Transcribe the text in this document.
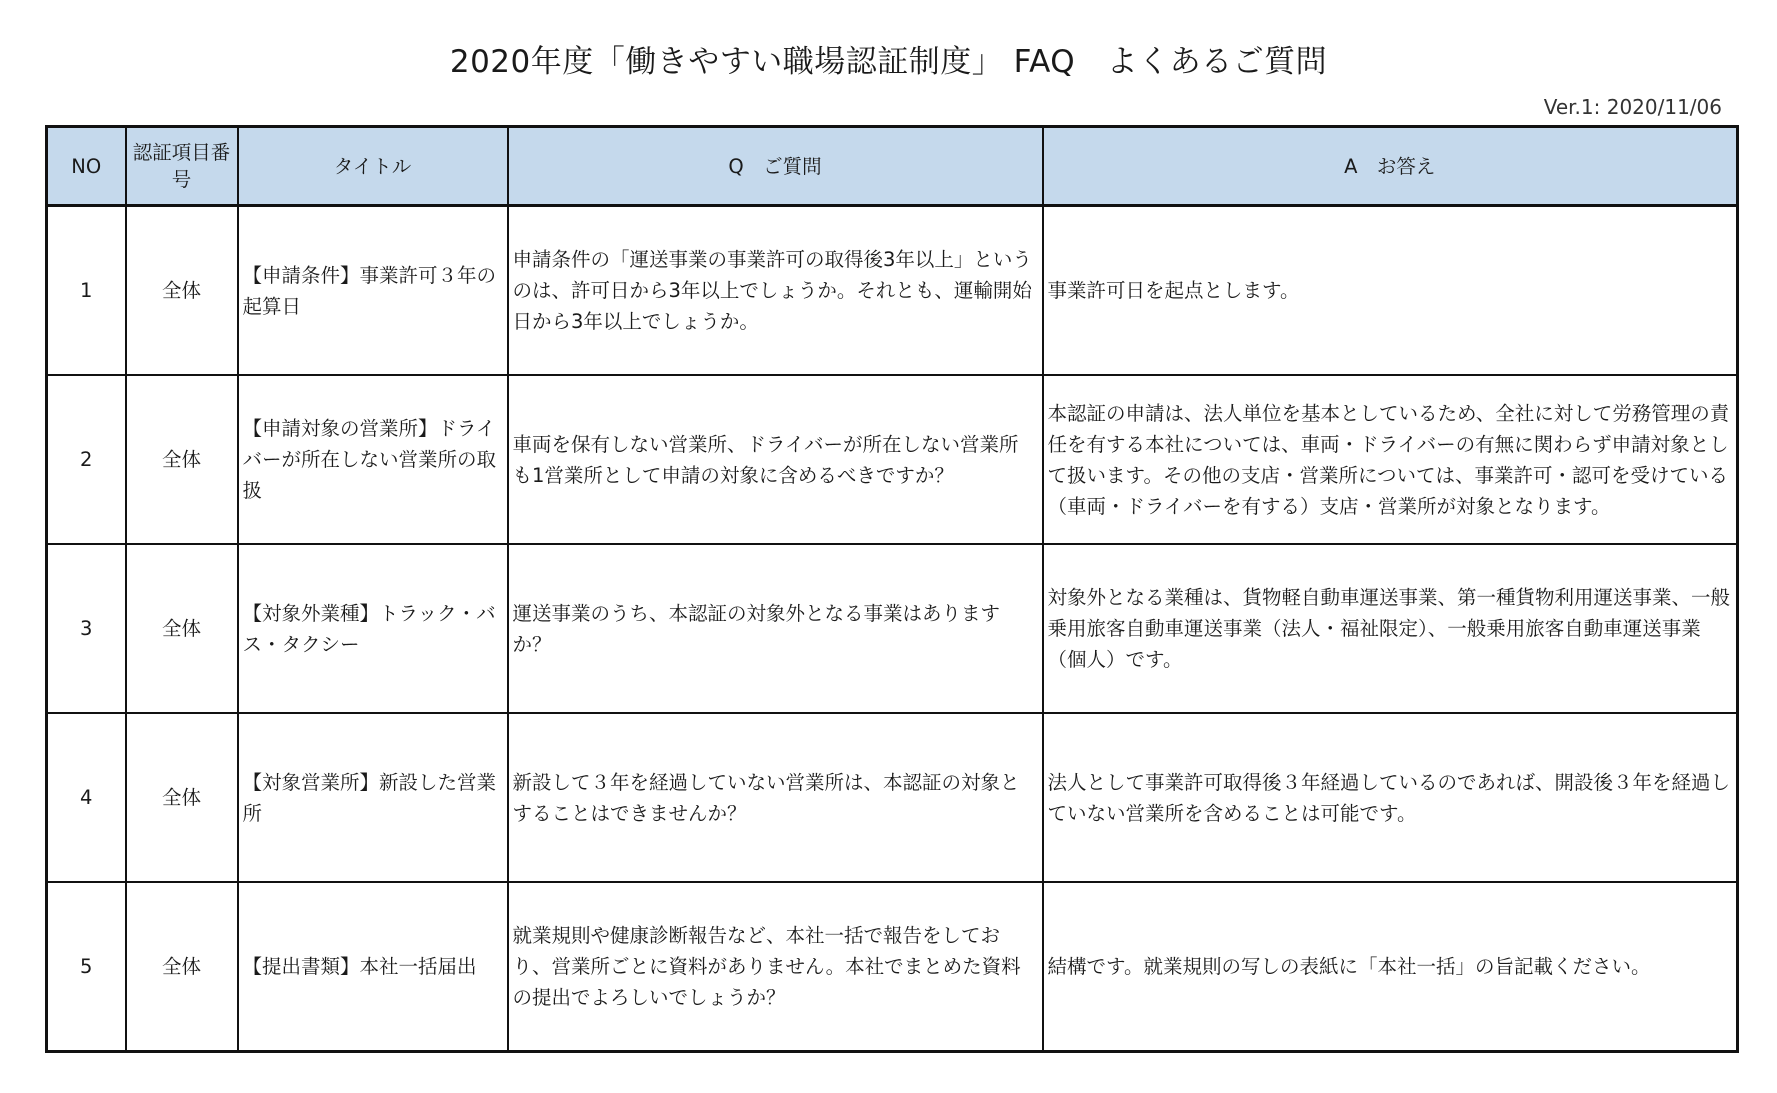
2020年度「働きやすい職場認証制度」 FAQ　よくあるご質問
Ver.1: 2020/11/06
NO	認証項目番号	タイトル	Q　ご質問	A　お答え
1	全体	【申請条件】事業許可３年の起算日	申請条件の「運送事業の事業許可の取得後3年以上」というのは、許可日から3年以上でしょうか。それとも、運輸開始日から3年以上でしょうか。	事業許可日を起点とします。
2	全体	【申請対象の営業所】ドライバーが所在しない営業所の取扱	車両を保有しない営業所、ドライバーが所在しない営業所も1営業所として申請の対象に含めるべきですか？	本認証の申請は、法人単位を基本としているため、全社に対して労務管理の責任を有する本社については、車両・ドライバーの有無に関わらず申請対象として扱います。その他の支店・営業所については、事業許可・認可を受けている（車両・ドライバーを有する）支店・営業所が対象となります。
3	全体	【対象外業種】トラック・バス・タクシー	運送事業のうち、本認証の対象外となる事業はありますか？	対象外となる業種は、貨物軽自動車運送事業、第一種貨物利用運送事業、一般乗用旅客自動車運送事業（法人・福祉限定）、一般乗用旅客自動車運送事業（個人）です。
4	全体	【対象営業所】新設した営業所	新設して３年を経過していない営業所は、本認証の対象とすることはできませんか？	法人として事業許可取得後３年経過しているのであれば、開設後３年を経過していない営業所を含めることは可能です。
5	全体	【提出書類】本社一括届出	就業規則や健康診断報告など、本社一括で報告をしており、営業所ごとに資料がありません。本社でまとめた資料の提出でよろしいでしょうか？	結構です。就業規則の写しの表紙に「本社一括」の旨記載ください。
